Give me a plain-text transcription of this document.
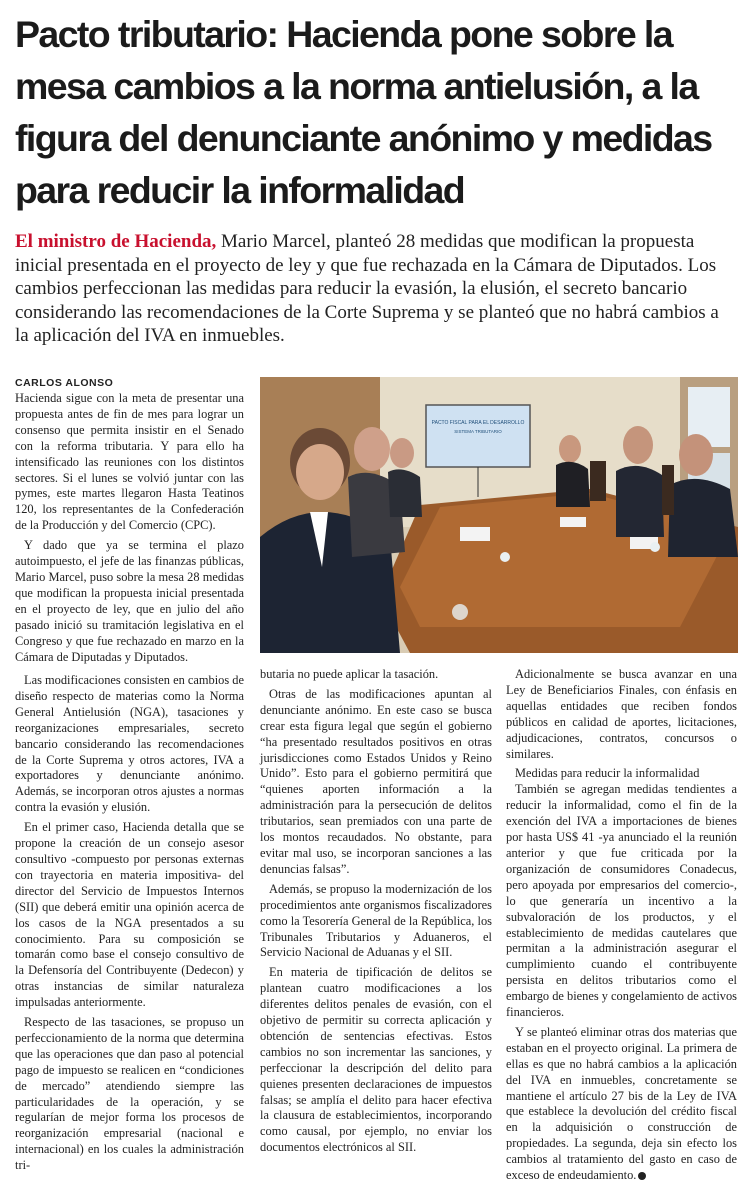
Pacto tributario: Hacienda pone sobre la mesa cambios a la norma antielusión, a la figura del denunciante anónimo y medidas para reducir la informalidad

El ministro de Hacienda, Mario Marcel, planteó 28 medidas que modifican la propuesta inicial presentada en el proyecto de ley y que fue rechazada en la Cámara de Diputados. Los cambios perfeccionan las medidas para reducir la evasión, la elusión, el secreto bancario considerando las recomendaciones de la Corte Suprema y se planteó que no habrá cambios a la aplicación del IVA en inmuebles.

CARLOS ALONSO

Hacienda sigue con la meta de presentar una propuesta antes de fin de mes para lograr un consenso que permita insistir en el Senado con la reforma tributaria. Y para ello ha intensificado las reuniones con los distintos sectores. Si el lunes se volvió juntar con las pymes, este martes llegaron Hasta Teatinos 120, los representantes de la Confederación de la Producción y del Comercio (CPC).

Y dado que ya se termina el plazo autoimpuesto, el jefe de las finanzas públicas, Mario Marcel, puso sobre la mesa 28 medidas que modifican la propuesta inicial presentada en el proyecto de ley, que en julio del año pasado inició su tramitación legislativa en el Congreso y que fue rechazado en marzo en la Cámara de Diputadas y Diputados.

Las modificaciones consisten en cambios de diseño respecto de materias como la Norma General Antielusión (NGA), tasaciones y reorganizaciones empresariales, secreto bancario considerando las recomendaciones de la Corte Suprema y otros actores, IVA a exportadores y denunciante anónimo. Además, se incorporan otros ajustes a normas contra la evasión y elusión.

En el primer caso, Hacienda detalla que se propone la creación de un consejo asesor consultivo -compuesto por personas externas con trayectoria en materia impositiva- del director del Servicio de Impuestos Internos (SII) que deberá emitir una opinión acerca de los casos de la NGA presentados a su conocimiento. Para su composición se tomarán como base el consejo consultivo de la Defensoría del Contribuyente (Dedecon) y otras instancias de similar naturaleza impulsadas anteriormente.

Respecto de las tasaciones, se propuso un perfeccionamiento de la norma que determina que las operaciones que dan paso al potencial pago de impuesto se realicen en “condiciones de mercado” atendiendo siempre las particularidades de la operación, y se regularían de mejor forma los procesos de reorganización empresarial (nacional e internacional) en los cuales la administración tri-

PACTO FISCAL PARA EL DESARROLLO
SISTEMA TRIBUTARIO

butaria no puede aplicar la tasación.

Otras de las modificaciones apuntan al denunciante anónimo. En este caso se busca crear esta figura legal que según el gobierno “ha presentado resultados positivos en otras jurisdicciones como Estados Unidos y Reino Unido”. Esto para el gobierno permitirá que “quienes aporten información a la administración para la persecución de delitos tributarios, sean premiados con una parte de los montos recaudados. No obstante, para evitar mal uso, se incorporan sanciones a las denuncias falsas”.

Además, se propuso la modernización de los procedimientos ante organismos fiscalizadores como la Tesorería General de la República, los Tribunales Tributarios y Aduaneros, el Servicio Nacional de Aduanas y el SII.

En materia de tipificación de delitos se plantean cuatro modificaciones a los diferentes delitos penales de evasión, con el objetivo de permitir su correcta aplicación y obtención de sentencias efectivas. Estos cambios no son incrementar las sanciones, y perfeccionar la descripción del delito para quienes presenten declaraciones de impuestos falsas; se amplía el delito para hacer efectiva la clausura de establecimientos, incorporando como causal, por ejemplo, no enviar los documentos electrónicos al SII.

Adicionalmente se busca avanzar en una Ley de Beneficiarios Finales, con énfasis en aquellas entidades que reciben fondos públicos en calidad de aportes, licitaciones, adjudicaciones, contratos, concursos o similares.

Medidas para reducir la informalidad

También se agregan medidas tendientes a reducir la informalidad, como el fin de la exención del IVA a importaciones de bienes por hasta US$ 41 -ya anunciado el la reunión anterior y que fue criticada por la organización de consumidores Conadecus, pero apoyada por empresarios del comercio-, lo que generaría un incentivo a la subvaloración de los productos, y el establecimiento de medidas cautelares que permitan a la administración asegurar el cumplimiento cuando el contribuyente persista en delitos tributarios como el embargo de bienes y congelamiento de activos financieros.

Y se planteó eliminar otras dos materias que estaban en el proyecto original. La primera de ellas es que no habrá cambios a la aplicación del IVA en inmuebles, concretamente se mantiene el artículo 27 bis de la Ley de IVA que establece la devolución del crédito fiscal en la adquisición o construcción de propiedades. La segunda, deja sin efecto los cambios al tratamiento del gasto en caso de exceso de endeudamiento.
